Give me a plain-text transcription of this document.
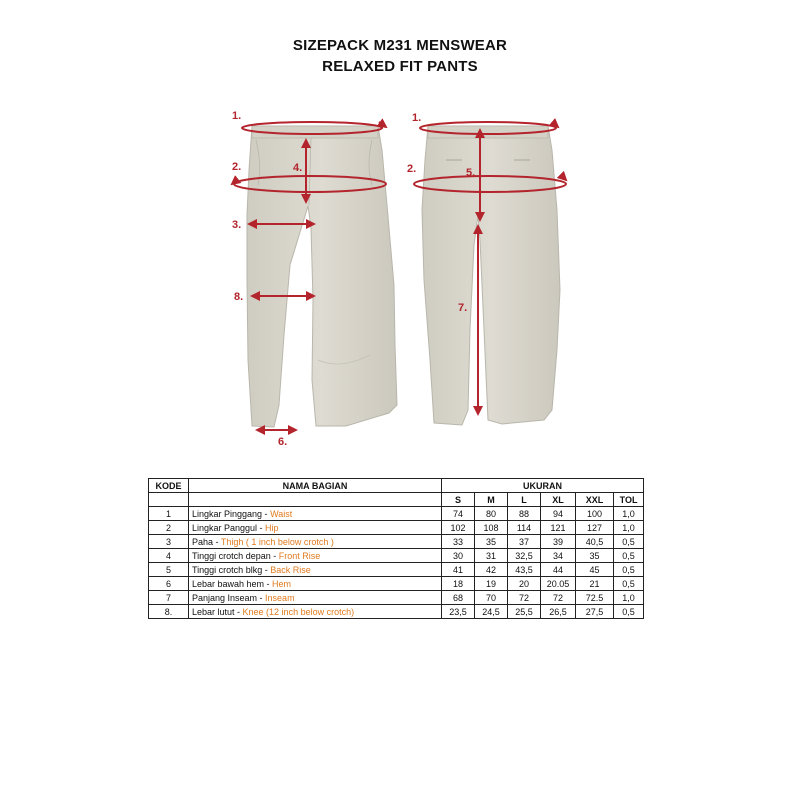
SIZEPACK M231 MENSWEAR
RELAXED FIT PANTS
1.
2.
3.
4.
8.
6.
1.
2.	5.
7.
KODE	NAMA BAGIAN	UKURAN					
		S	M	L	XL	XXL	TOL
1	Lingkar Pinggang - Waist	74	80	88	94	100	1,0
2	Lingkar Panggul - Hip	102	108	114	121	127	1,0
3	Paha - Thigh ( 1 inch below crotch )	33	35	37	39	40,5	0,5
4	Tinggi crotch depan - Front Rise	30	31	32,5	34	35	0,5
5	Tinggi crotch blkg - Back Rise	41	42	43,5	44	45	0,5
6	Lebar bawah hem - Hem	18	19	20	20.05	21	0,5
7	Panjang Inseam - Inseam	68	70	72	72	72.5	1,0
8.	Lebar lutut - Knee (12 inch below crotch)	23,5	24,5	25,5	26,5	27,5	0,5
